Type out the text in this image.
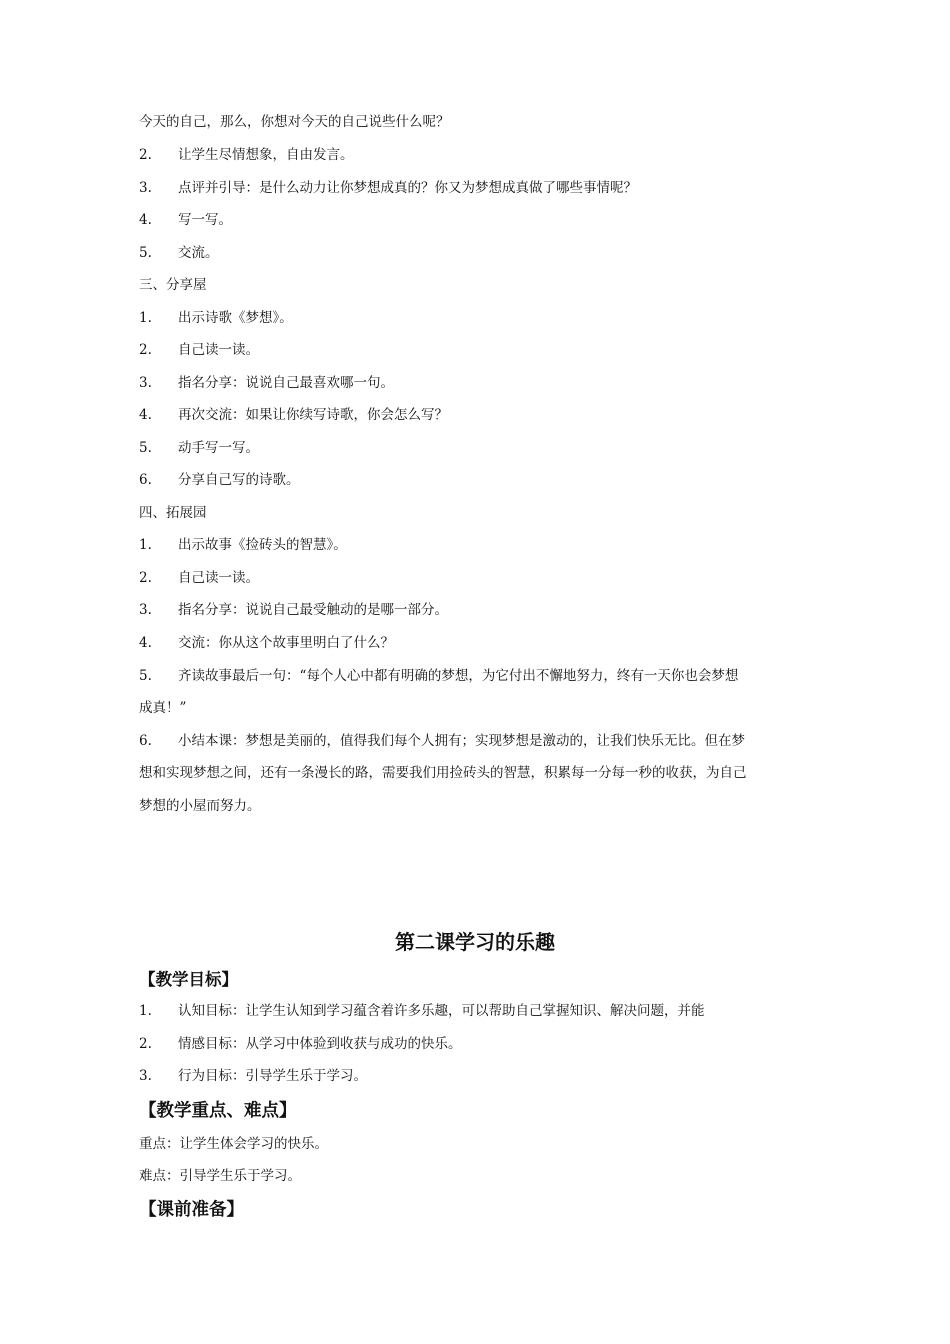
今天的自己，那么，你想对今天的自己说些什么呢？
2. 让学生尽情想象，自由发言。
3. 点评并引导：是什么动力让你梦想成真的？你又为梦想成真做了哪些事情呢？
4. 写一写。
5. 交流。
三、分享屋
1. 出示诗歌《梦想》。
2. 自己读一读。
3. 指名分享：说说自己最喜欢哪一句。
4. 再次交流：如果让你续写诗歌，你会怎么写？
5. 动手写一写。
6. 分享自己写的诗歌。
四、拓展园
1. 出示故事《捡砖头的智慧》。
2. 自己读一读。
3. 指名分享：说说自己最受触动的是哪一部分。
4. 交流：你从这个故事里明白了什么？
5. 齐读故事最后一句：“每个人心中都有明确的梦想，为它付出不懈地努力，终有一天你也会梦想
成真！”
6. 小结本课：梦想是美丽的，值得我们每个人拥有；实现梦想是激动的，让我们快乐无比。但在梦
想和实现梦想之间，还有一条漫长的路，需要我们用捡砖头的智慧，积累每一分每一秒的收获，为自己
梦想的小屋而努力。
第二课学习的乐趣
【教学目标】
1. 认知目标：让学生认知到学习蕴含着许多乐趣，可以帮助自己掌握知识、解决问题，并能
2. 情感目标：从学习中体验到收获与成功的快乐。
3. 行为目标：引导学生乐于学习。
【教学重点、难点】
重点：让学生体会学习的快乐。
难点：引导学生乐于学习。
【课前准备】
